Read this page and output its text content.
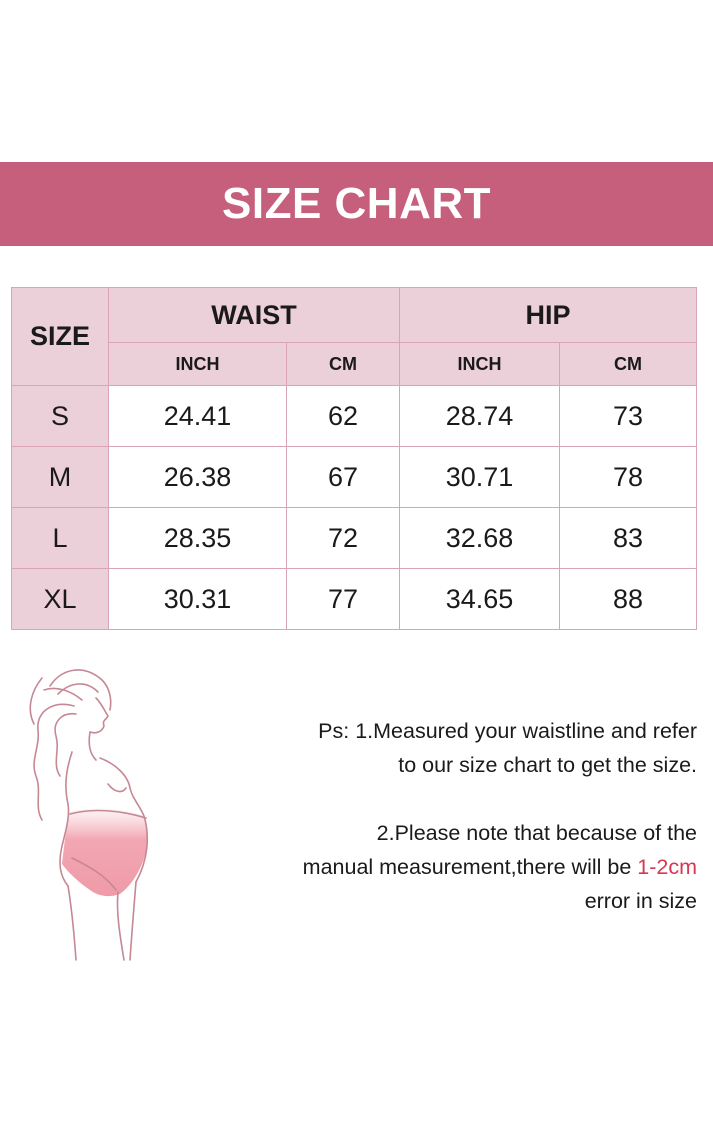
SIZE CHART
SIZE	WAIST		HIP	
	INCH	CM	INCH	CM
S	24.41	62	28.74	73
M	26.38	67	30.71	78
L	28.35	72	32.68	83
XL	30.31	77	34.65	88

Ps: 1.Measured your waistline and refer

to our size chart to get the size.

2.Please note that because of the

manual measurement,there will be 1-2cm

error in size
